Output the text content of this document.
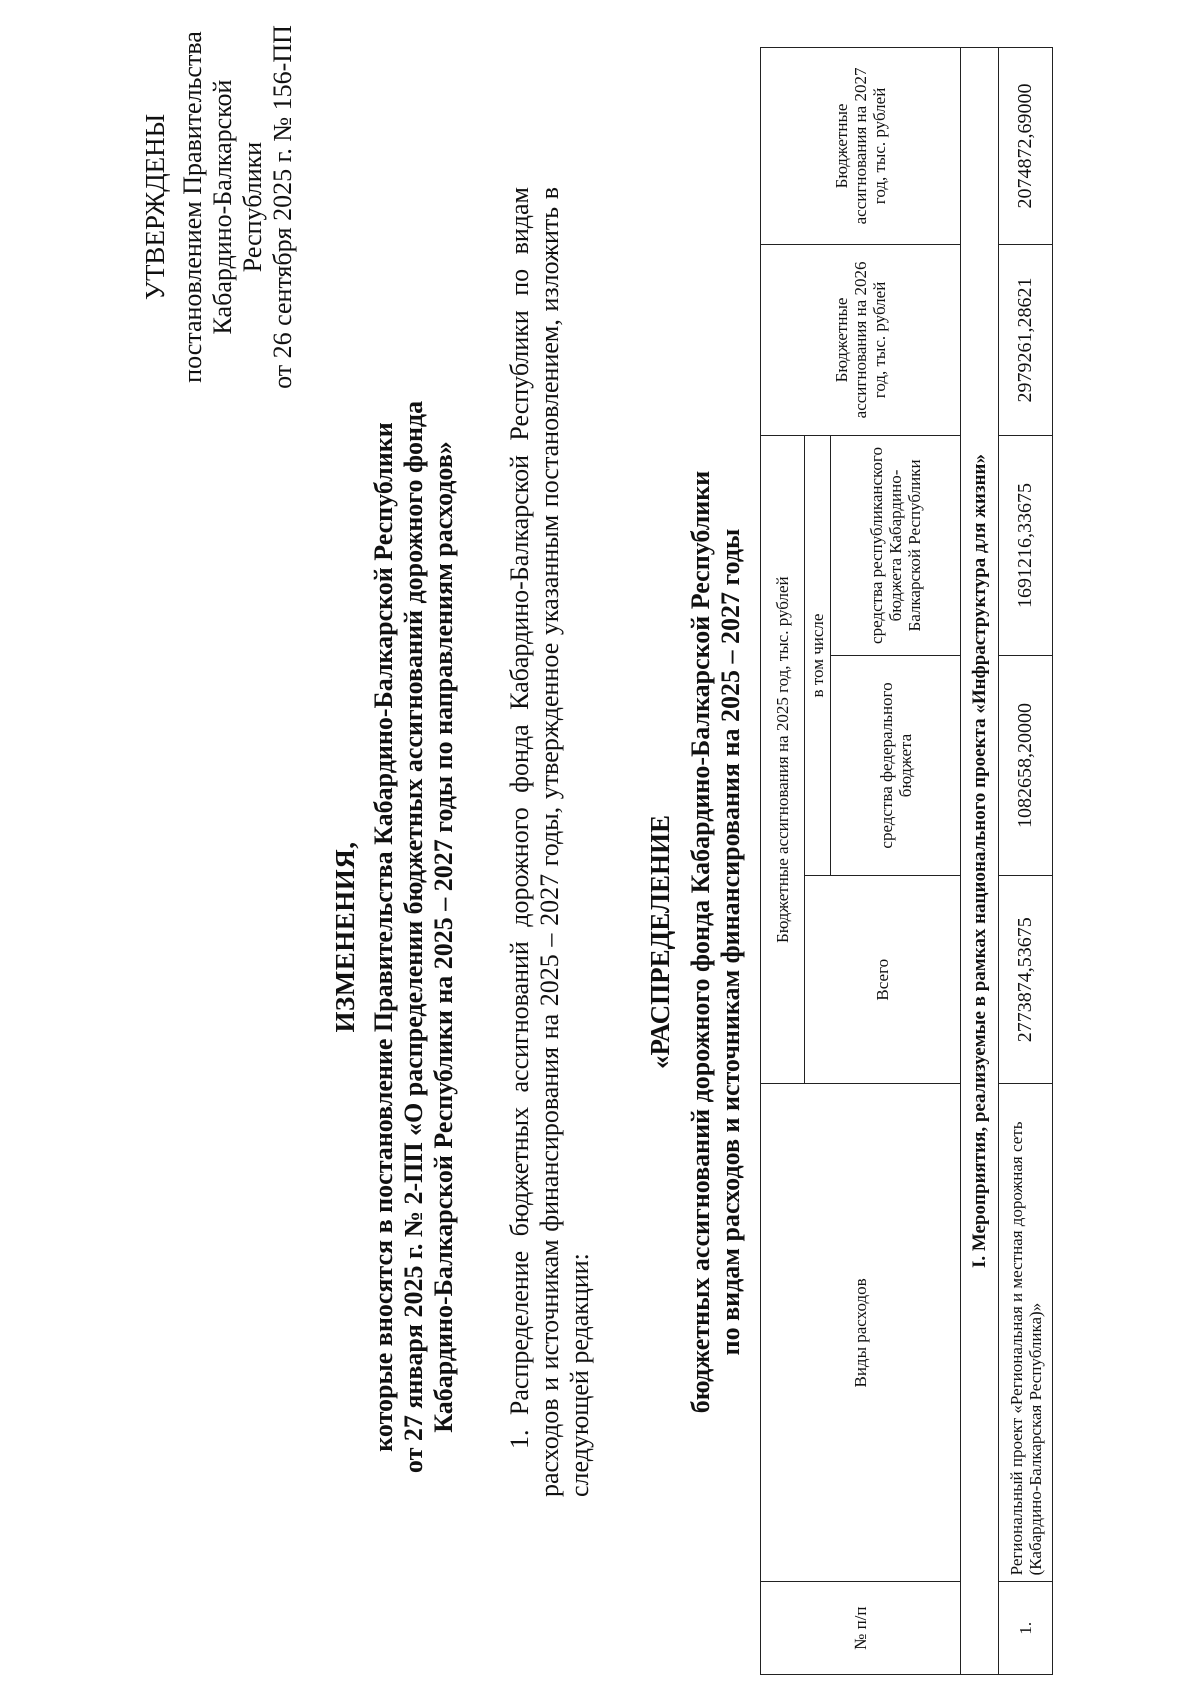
УТВЕРЖДЕНЫ постановлением Правительства Кабардино-Балкарской Республики от 26 сентября 2025 г. № 156-ПП
ИЗМЕНЕНИЯ, которые вносятся в постановление Правительства Кабардино-Балкарской Республики от 27 января 2025 г. № 2-ПП «О распределении бюджетных ассигнований дорожного фонда Кабардино-Балкарской Республики на 2025 – 2027 годы по направлениям расходов» 1. Распределение бюджетных ассигнований дорожного фонда Кабардино-Балкарской Республики по видам расходов и источникам финансирования на 2025 – 2027 годы, утвержденное указанным постановлением, изложить в следующей редакции:
«РАСПРЕДЕЛЕНИЕ бюджетных ассигнований дорожного фонда Кабардино-Балкарской Республики по видам расходов и источникам финансирования на 2025 – 2027 годы
№ п/п	Виды расходов	Бюджетные ассигнования на 2025 год, тыс. рублей			Бюджетные ассигнования на 2026 год, тыс. рублей	Бюджетные ассигнования на 2027 год, тыс. рублей
		Всего	в том числе			
			средства федерального бюджета	средства республиканского бюджета Кабардино-Балкарской Республики		
I. Мероприятия, реализуемые в рамках национального проекта «Инфраструктура для жизни»						
1.	Региональный проект «Региональная и местная дорожная сеть (Кабардино-Балкарская Республика)»	2773874,53675	1082658,20000	1691216,33675	2979261,28621	2074872,69000
